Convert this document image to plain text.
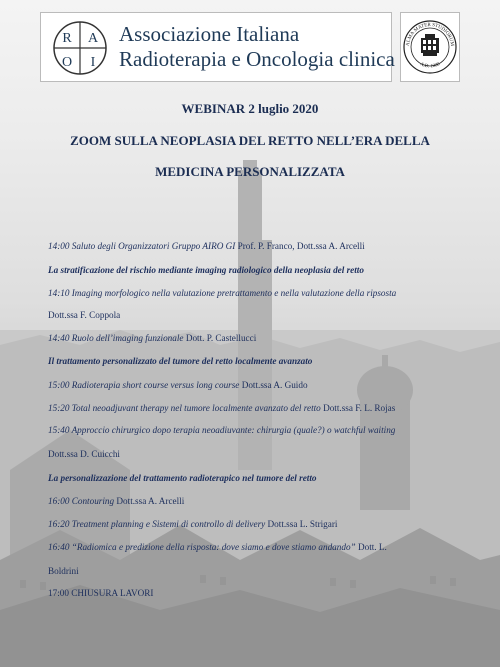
R A
O I
Associazione Italiana
Radioterapia e Oncologia clinica
ALMA MATER STUDIORUM
A.D. 1088
WEBINAR 2 luglio 2020
ZOOM SULLA NEOPLASIA DEL RETTO NELL’ERA DELLA
MEDICINA PERSONALIZZATA
14:00 Saluto degli Organizzatori Gruppo AIRO GI Prof. P. Franco, Dott.ssa A. Arcelli
La stratificazione del rischio mediante imaging radiologico della neoplasia del retto
14:10 Imaging morfologico nella valutazione pretrattamento e nella valutazione della ripsosta
Dott.ssa F. Coppola
14:40 Ruolo dell’imaging funzionale Dott. P. Castellucci
Il trattamento personalizzato del tumore del retto localmente avanzato
15:00 Radioterapia short course versus long course Dott.ssa A. Guido
15:20 Total neoadjuvant therapy nel tumore localmente avanzato del retto Dott.ssa F. L. Rojas
15:40 Approccio chirurgico dopo terapia neoadiuvante: chirurgia (quale?) o watchful waiting
Dott.ssa D. Cuicchi
La personalizzazione del trattamento radioterapico nel tumore del retto
16:00 Contouring Dott.ssa A. Arcelli
16:20 Treatment planning e Sistemi di controllo di delivery Dott.ssa L. Strigari
16:40 “Radiomica e predizione della risposta: dove siamo e dove stiamo andando” Dott. L.
Boldrini
17:00 CHIUSURA LAVORI
